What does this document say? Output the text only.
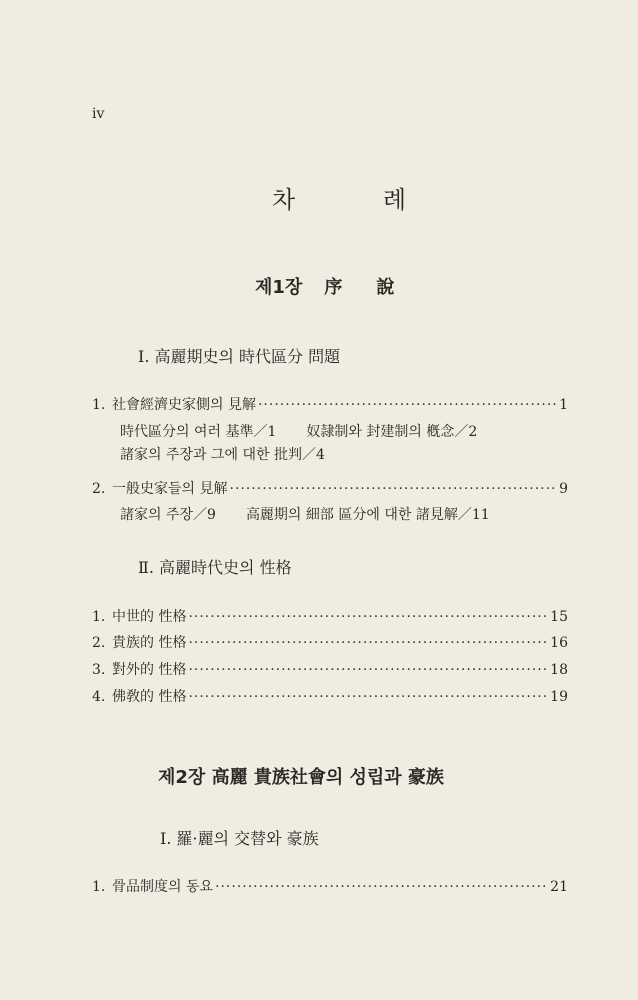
iv
차 례
제1장 序 說
Ⅰ. 高麗期史의 時代區分 問題
1. 社會經濟史家側의 見解 ·····	1
時代區分의 여러 基準／1 奴隷制와 封建制의 槪念／2
諸家의 주장과 그에 대한 批判／4
2. 一般史家들의 見解 ·····	9
諸家의 주장／9 高麗期의 細部 區分에 대한 諸見解／11
Ⅱ. 高麗時代史의 性格
1. 中世的 性格 ·····	15
2. 貴族的 性格 ·····	16
3. 對外的 性格 ·····	18
4. 佛敎的 性格 ·····	19
제2장 高麗 貴族社會의 성립과 豪族
Ⅰ. 羅·麗의 交替와 豪族
1. 骨品制度의 동요 ·····	21
